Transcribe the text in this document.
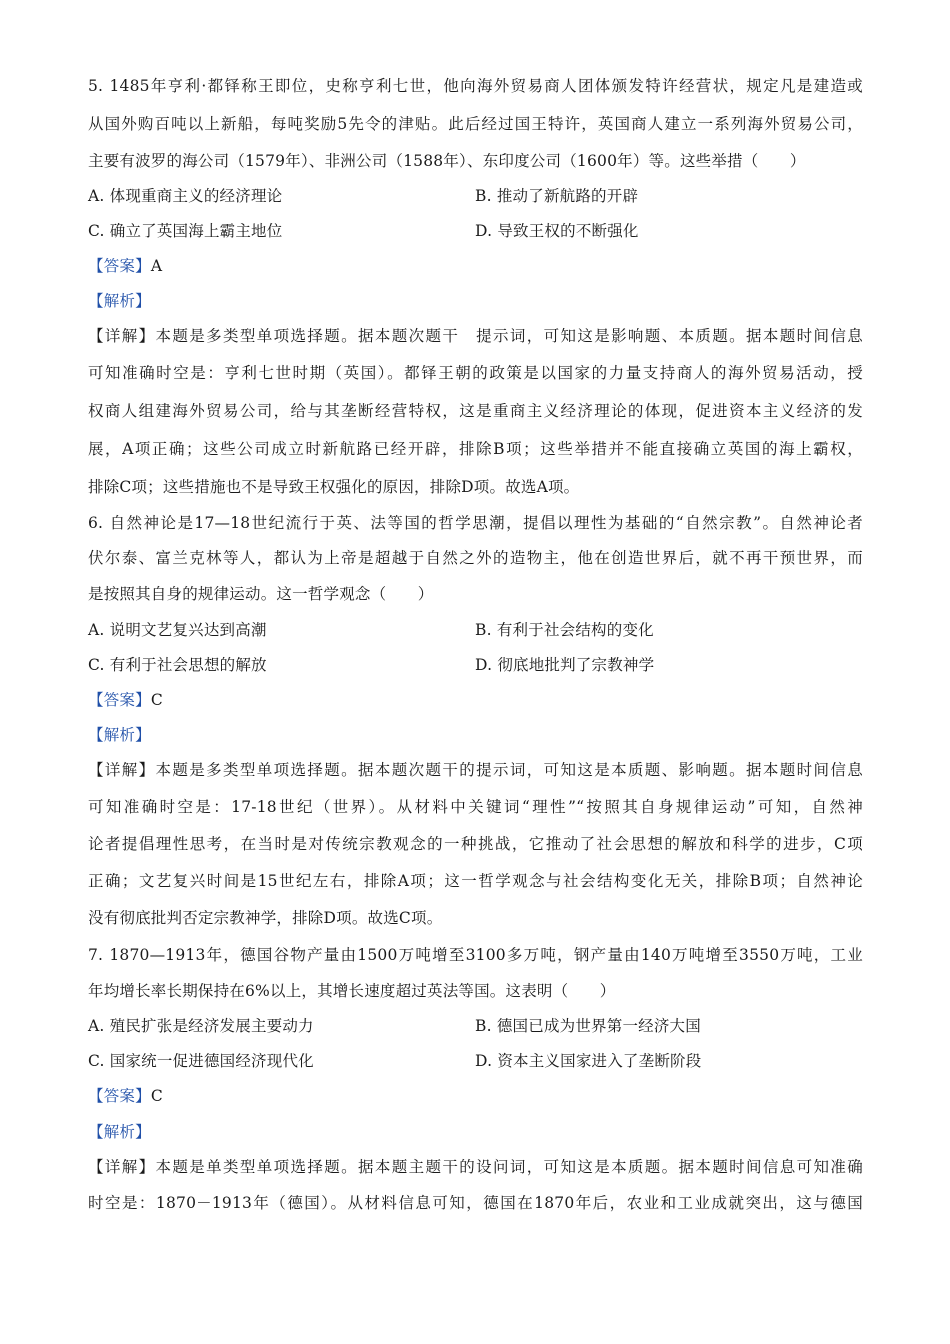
5. 1485年亨利·都铎称王即位，史称亨利七世，他向海外贸易商人团体颁发特许经营状，规定凡是建造或
从国外购百吨以上新船，每吨奖励5先令的津贴。此后经过国王特许，英国商人建立一系列海外贸易公司，
主要有波罗的海公司（1579年）、非洲公司（1588年）、东印度公司（1600年）等。这些举措（　　）
A. 体现重商主义的经济理论	B. 推动了新航路的开辟
C. 确立了英国海上霸主地位	D. 导致王权的不断强化
【答案】A
【解析】
【详解】本题是多类型单项选择题。据本题次题干　提示词，可知这是影响题、本质题。据本题时间信息
可知准确时空是：亨利七世时期（英国）。都铎王朝的政策是以国家的力量支持商人的海外贸易活动，授
权商人组建海外贸易公司，给与其垄断经营特权，这是重商主义经济理论的体现，促进资本主义经济的发
展，A项正确；这些公司成立时新航路已经开辟，排除B项；这些举措并不能直接确立英国的海上霸权，
排除C项；这些措施也不是导致王权强化的原因，排除D项。故选A项。
6. 自然神论是17—18世纪流行于英、法等国的哲学思潮，提倡以理性为基础的“自然宗教”。自然神论者
伏尔泰、富兰克林等人，都认为上帝是超越于自然之外的造物主，他在创造世界后，就不再干预世界，而
是按照其自身的规律运动。这一哲学观念（　　）
A. 说明文艺复兴达到高潮	B. 有利于社会结构的变化
C. 有利于社会思想的解放	D. 彻底地批判了宗教神学
【答案】C
【解析】
【详解】本题是多类型单项选择题。据本题次题干的提示词，可知这是本质题、影响题。据本题时间信息
可知准确时空是：17-18世纪（世界）。从材料中关键词“理性”“按照其自身规律运动”可知，自然神
论者提倡理性思考，在当时是对传统宗教观念的一种挑战，它推动了社会思想的解放和科学的进步，C项
正确；文艺复兴时间是15世纪左右，排除A项；这一哲学观念与社会结构变化无关，排除B项；自然神论
没有彻底批判否定宗教神学，排除D项。故选C项。
7. 1870—1913年，德国谷物产量由1500万吨增至3100多万吨，钢产量由140万吨增至3550万吨，工业
年均增长率长期保持在6%以上，其增长速度超过英法等国。这表明（　　）
A. 殖民扩张是经济发展主要动力	B. 德国已成为世界第一经济大国
C. 国家统一促进德国经济现代化	D. 资本主义国家进入了垄断阶段
【答案】C
【解析】
【详解】本题是单类型单项选择题。据本题主题干的设问词，可知这是本质题。据本题时间信息可知准确
时空是：1870－1913年（德国）。从材料信息可知，德国在1870年后，农业和工业成就突出，这与德国
